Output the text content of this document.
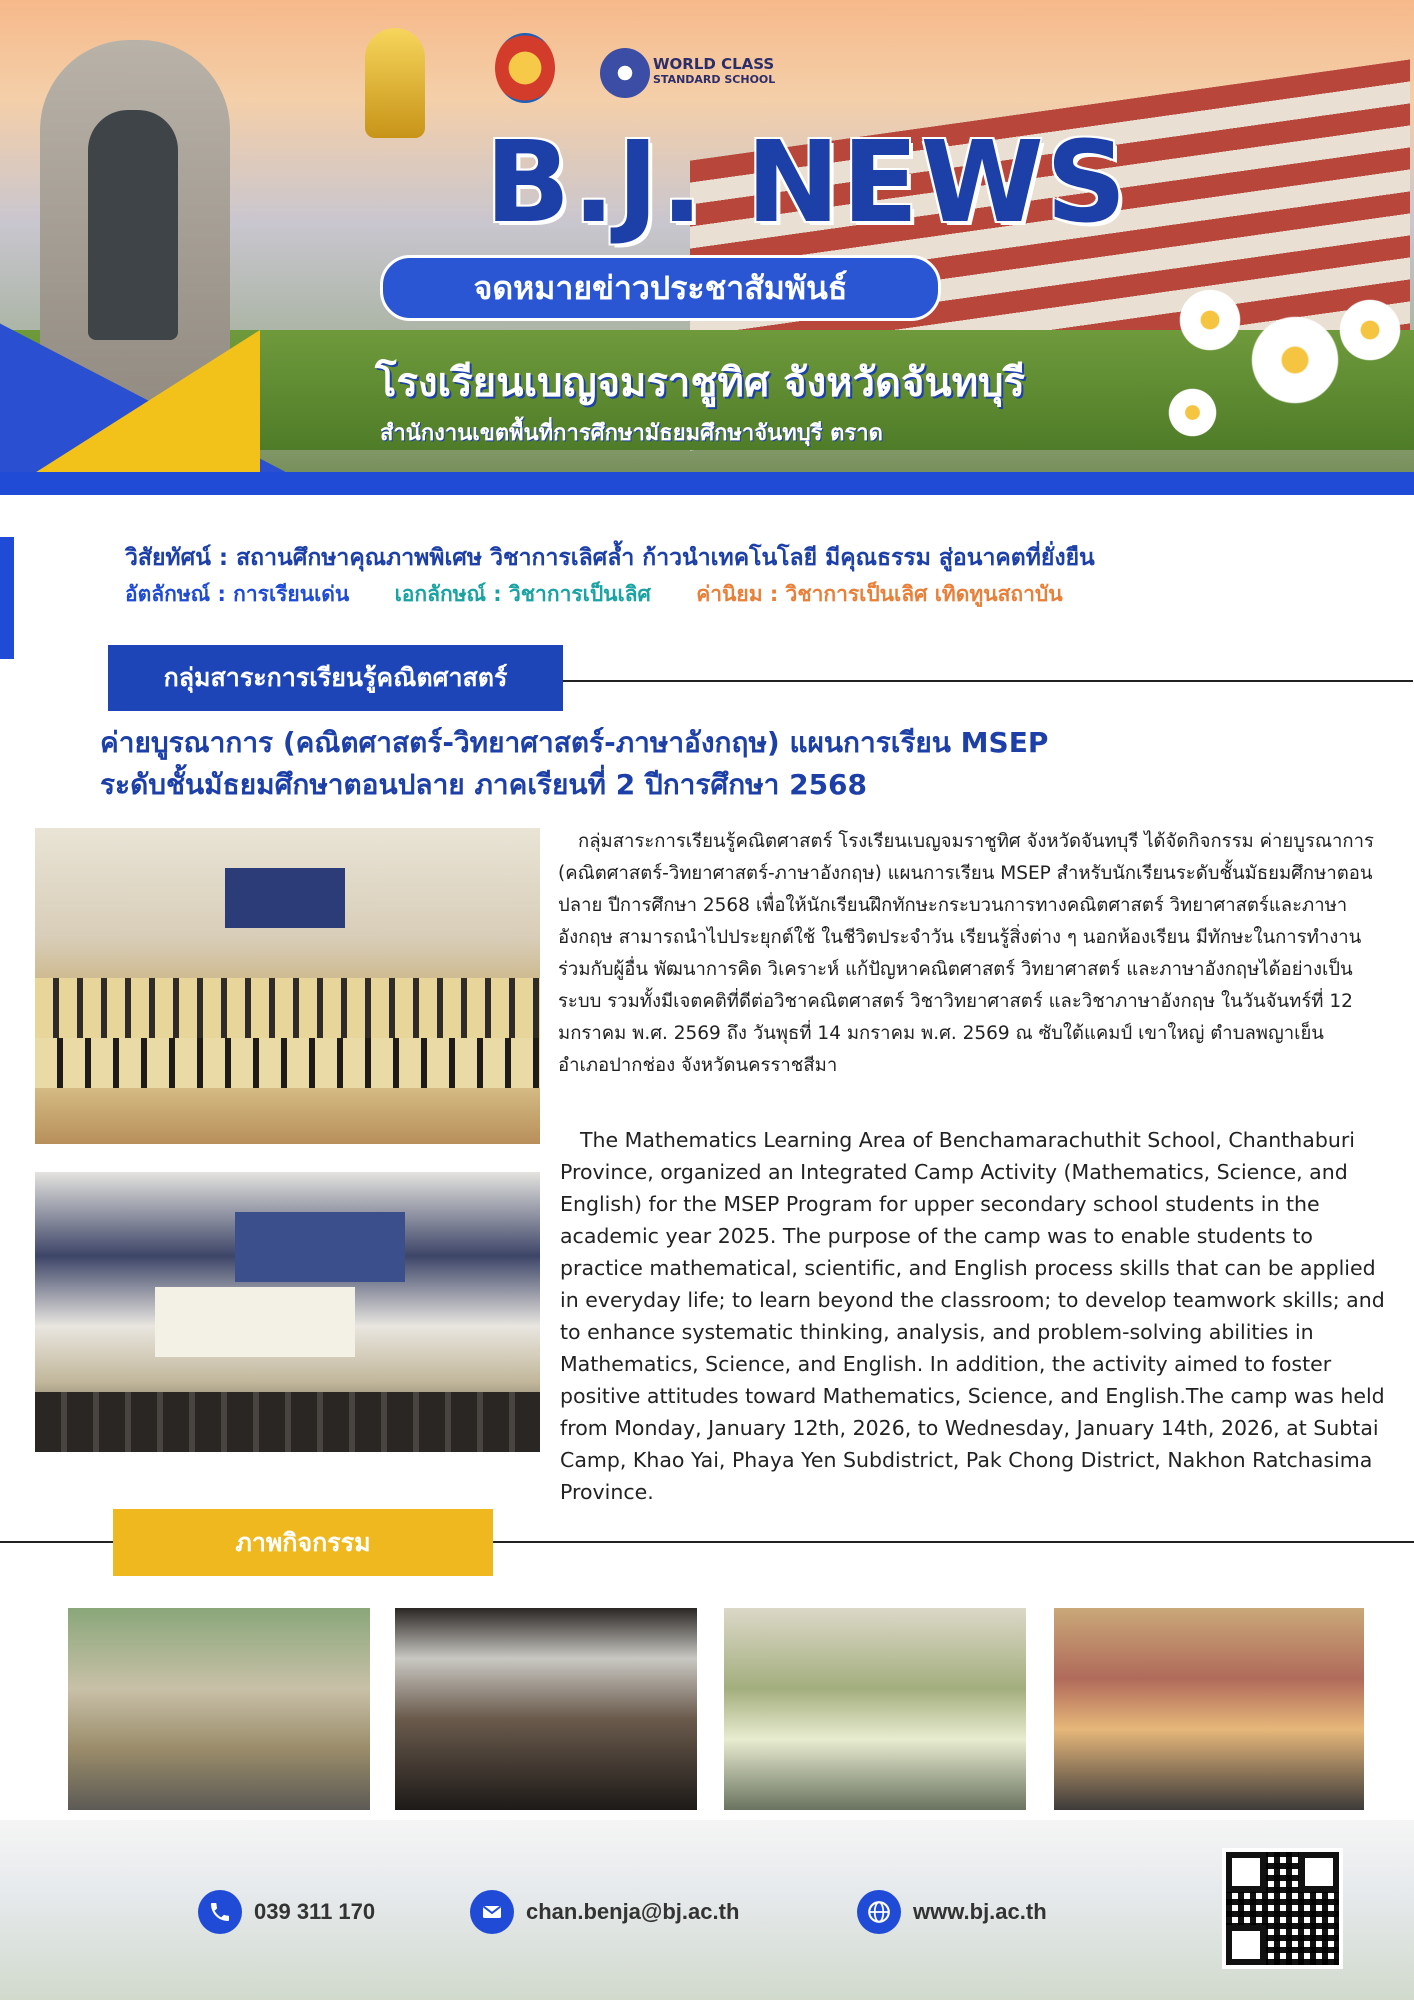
WORLD CLASS
STANDARD SCHOOL
B.J. NEWS
จดหมายข่าวประชาสัมพันธ์
โรงเรียนเบญจมราชูทิศ จังหวัดจันทบุรี
สำนักงานเขตพื้นที่การศึกษามัธยมศึกษาจันทบุรี ตราด
วิสัยทัศน์ : สถานศึกษาคุณภาพพิเศษ วิชาการเลิศล้ำ ก้าวนำเทคโนโลยี มีคุณธรรม สู่อนาคตที่ยั่งยืน
อัตลักษณ์ : การเรียนเด่น เอกลักษณ์ : วิชาการเป็นเลิศ ค่านิยม : วิชาการเป็นเลิศ เทิดทูนสถาบัน
กลุ่มสาระการเรียนรู้คณิตศาสตร์
ค่ายบูรณาการ (คณิตศาสตร์-วิทยาศาสตร์-ภาษาอังกฤษ) แผนการเรียน MSEP
ระดับชั้นมัธยมศึกษาตอนปลาย ภาคเรียนที่ 2 ปีการศึกษา 2568
กลุ่มสาระการเรียนรู้คณิตศาสตร์ โรงเรียนเบญจมราชูทิศ จังหวัดจันทบุรี ได้จัดกิจกรรม ค่ายบูรณาการ (คณิตศาสตร์-วิทยาศาสตร์-ภาษาอังกฤษ) แผนการเรียน MSEP สำหรับนักเรียนระดับชั้นมัธยมศึกษาตอนปลาย ปีการศึกษา 2568 เพื่อให้นักเรียนฝึกทักษะกระบวนการทางคณิตศาสตร์ วิทยาศาสตร์และภาษาอังกฤษ สามารถนำไปประยุกต์ใช้ ในชีวิตประจำวัน เรียนรู้สิ่งต่าง ๆ นอกห้องเรียน มีทักษะในการทำงานร่วมกับผู้อื่น พัฒนาการคิด วิเคราะห์ แก้ปัญหาคณิตศาสตร์ วิทยาศาสตร์ และภาษาอังกฤษได้อย่างเป็นระบบ รวมทั้งมีเจตคติที่ดีต่อวิชาคณิตศาสตร์ วิชาวิทยาศาสตร์ และวิชาภาษาอังกฤษ ในวันจันทร์ที่ 12 มกราคม พ.ศ. 2569 ถึง วันพุธที่ 14 มกราคม พ.ศ. 2569 ณ ซับใต้แคมป์ เขาใหญ่ ตำบลพญาเย็น อำเภอปากช่อง จังหวัดนครราชสีมา
The Mathematics Learning Area of Benchamarachuthit School, Chanthaburi Province, organized an Integrated Camp Activity (Mathematics, Science, and English) for the MSEP Program for upper secondary school students in the academic year 2025. The purpose of the camp was to enable students to practice mathematical, scientific, and English process skills that can be applied in everyday life; to learn beyond the classroom; to develop teamwork skills; and to enhance systematic thinking, analysis, and problem-solving abilities in Mathematics, Science, and English. In addition, the activity aimed to foster positive attitudes toward Mathematics, Science, and English.The camp was held from Monday, January 12th, 2026, to Wednesday, January 14th, 2026, at Subtai Camp, Khao Yai, Phaya Yen Subdistrict, Pak Chong District, Nakhon Ratchasima Province.
ภาพกิจกรรม
039 311 170	chan.benja@bj.ac.th	www.bj.ac.th
